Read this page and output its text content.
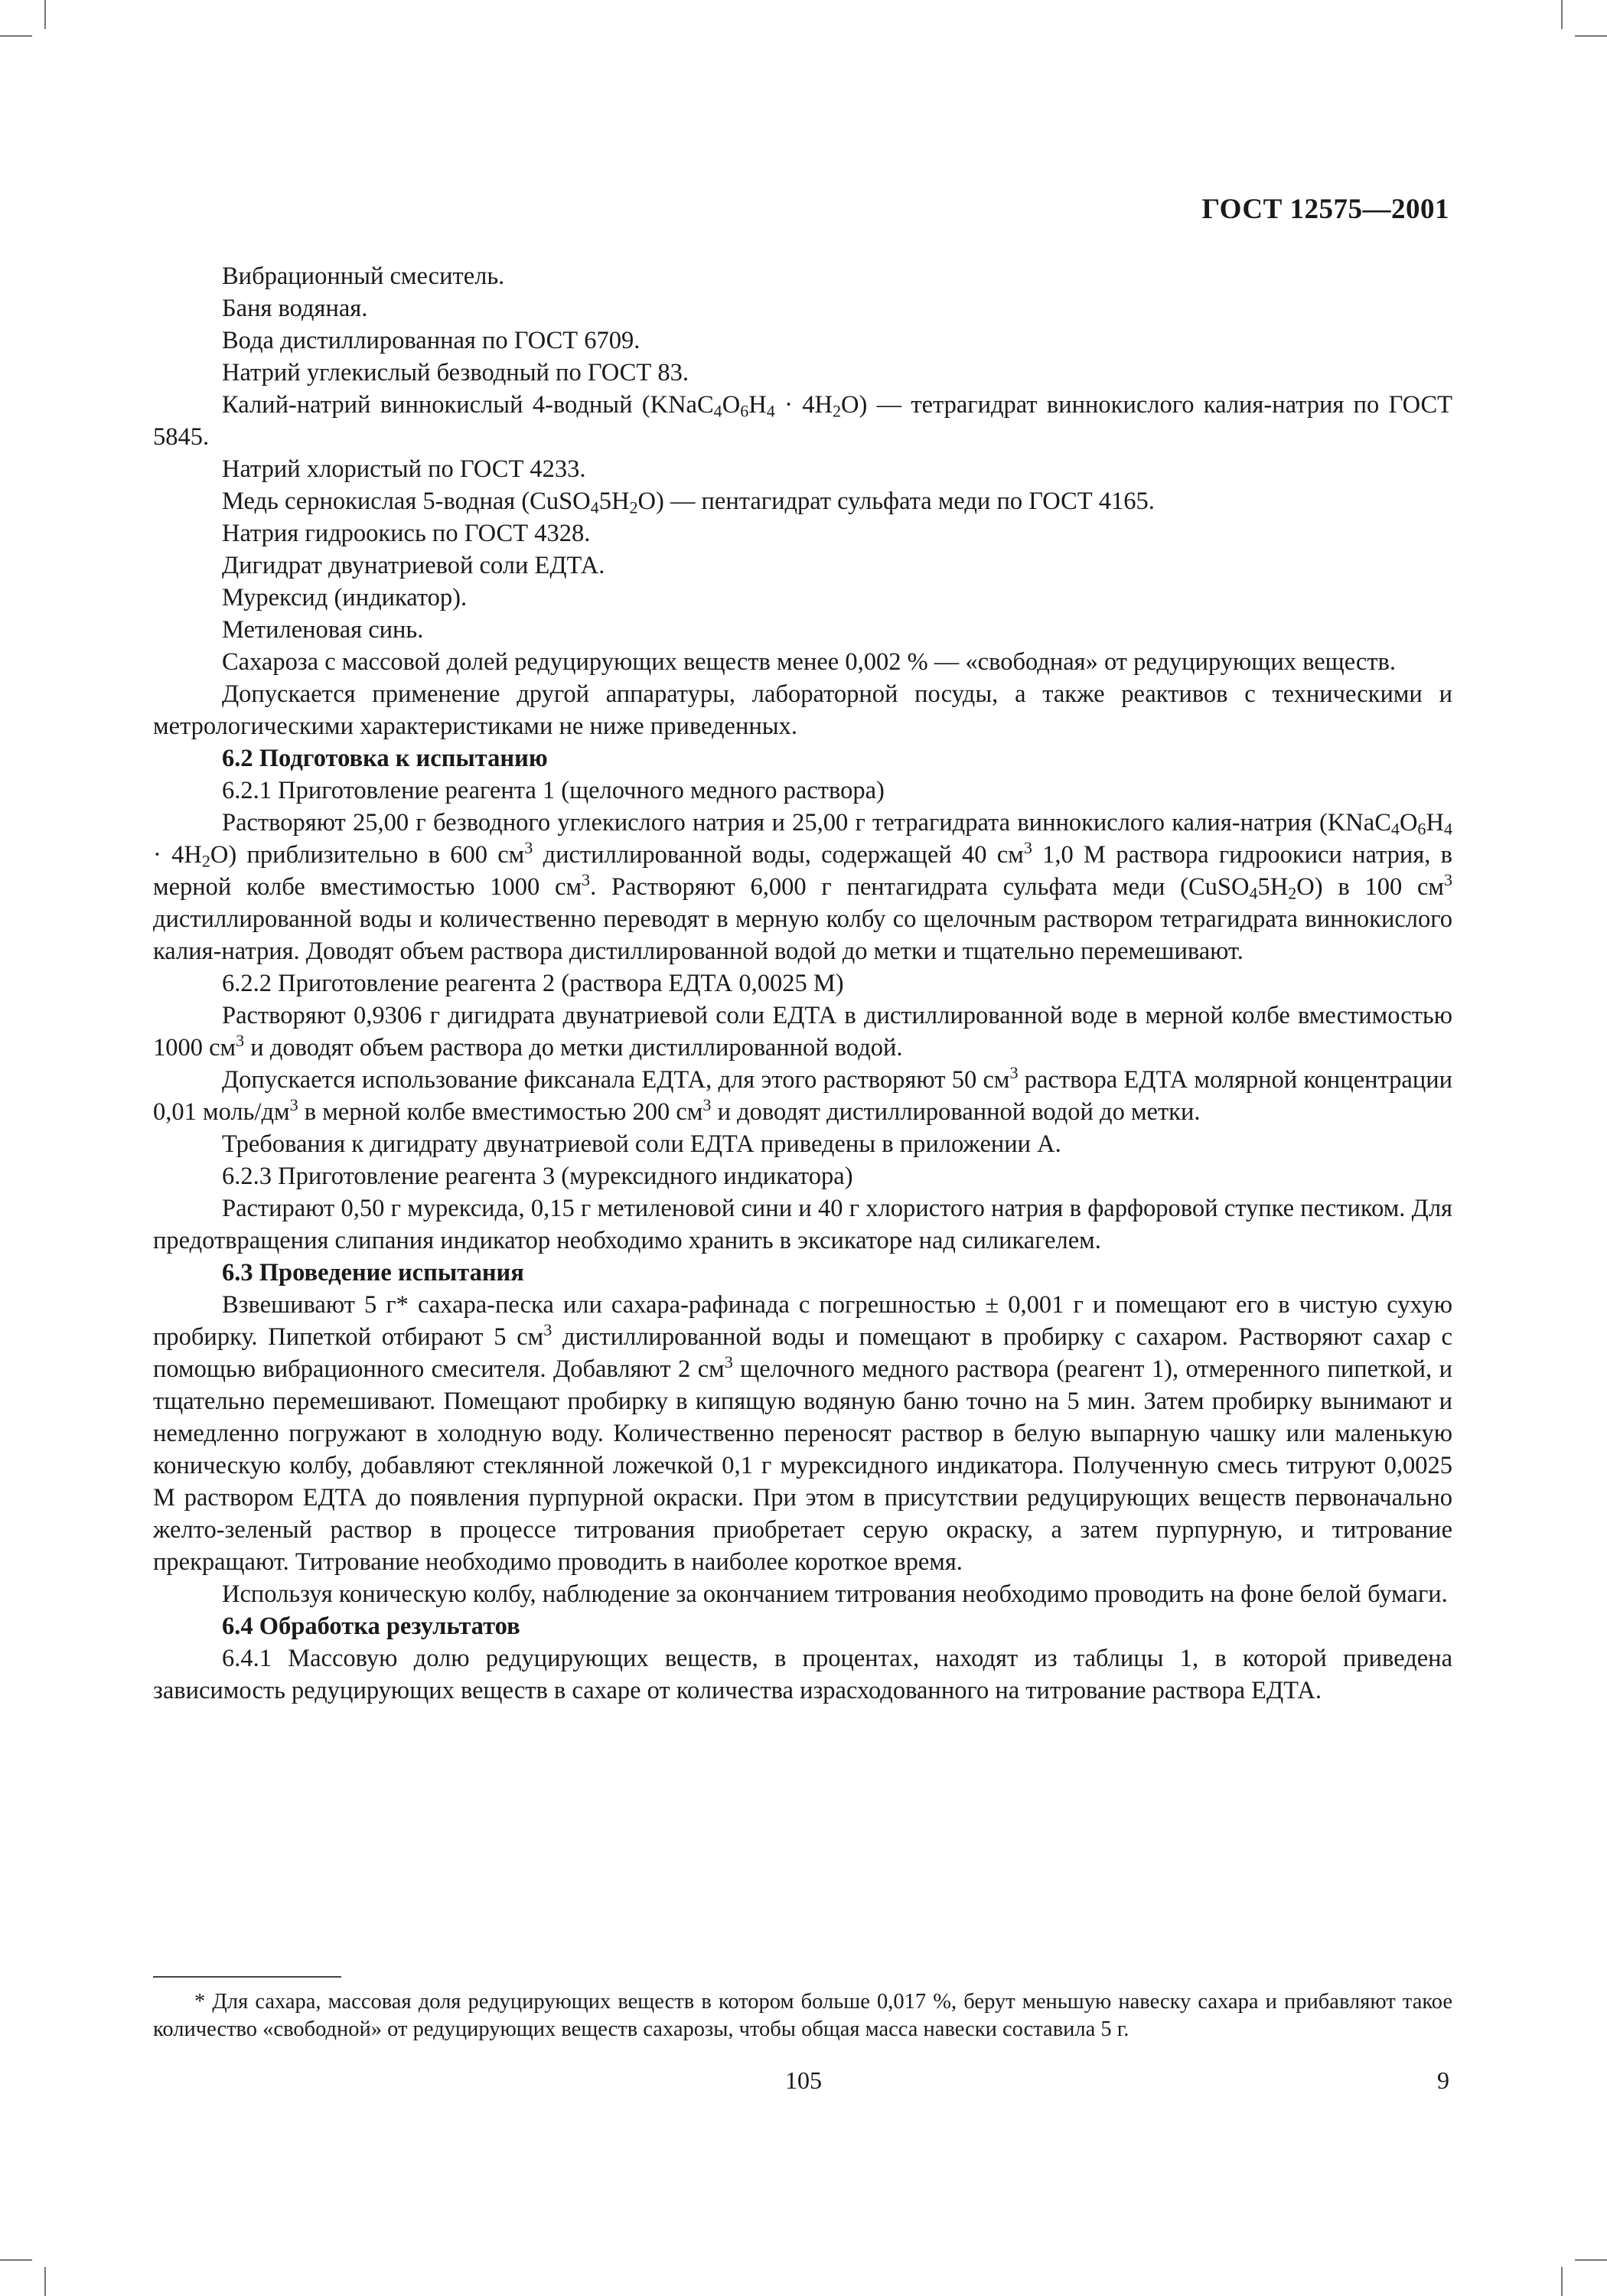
ГОСТ 12575—2001

Вибрационный смеситель.

Баня водяная.

Вода дистиллированная по ГОСТ 6709.

Натрий углекислый безводный по ГОСТ 83.

Калий-натрий виннокислый 4-водный $(KNaC_4O_6H_4 \cdot 4H_2O)$ — тетрагидрат виннокислого калия-натрия по ГОСТ 5845.

Натрий хлористый по ГОСТ 4233.

Медь сернокислая 5-водная $(CuSO_45H_2O)$ — пентагидрат сульфата меди по ГОСТ 4165.

Натрия гидроокись по ГОСТ 4328.

Дигидрат двунатриевой соли ЕДТА.

Мурексид (индикатор).

Метиленовая синь.

Сахароза с массовой долей редуцирующих веществ менее 0,002 % — «свободная» от редуцирующих веществ.

Допускается применение другой аппаратуры, лабораторной посуды, а также реактивов с техническими и метрологическими характеристиками не ниже приведенных.

6.2 Подготовка к испытанию

6.2.1 Приготовление реагента 1 (щелочного медного раствора)

Растворяют 25,00 г безводного углекислого натрия и 25,00 г тетрагидрата виннокислого калия-натрия $(KNaC_4O_6H_4 \cdot 4H_2O)$ приблизительно в 600 $см^3$ дистиллированной воды, содержащей 40 $см^3$ 1,0 М раствора гидроокиси натрия, в мерной колбе вместимостью 1000 $см^3$. Растворяют 6,000 г пентагидрата сульфата меди $(CuSO_45H_2O)$ в 100 $см^3$ дистиллированной воды и количественно переводят в мерную колбу со щелочным раствором тетрагидрата виннокислого калия-натрия. Доводят объем раствора дистиллированной водой до метки и тщательно перемешивают.

6.2.2 Приготовление реагента 2 (раствора ЕДТА 0,0025 М)

Растворяют 0,9306 г дигидрата двунатриевой соли ЕДТА в дистиллированной воде в мерной колбе вместимостью 1000 $см^3$ и доводят объем раствора до метки дистиллированной водой.

Допускается использование фиксанала ЕДТА, для этого растворяют 50 $см^3$ раствора ЕДТА молярной концентрации 0,01 моль/$дм^3$ в мерной колбе вместимостью 200 $см^3$ и доводят дистиллированной водой до метки.

Требования к дигидрату двунатриевой соли ЕДТА приведены в приложении А.

6.2.3 Приготовление реагента 3 (мурексидного индикатора)

Растирают 0,50 г мурексида, 0,15 г метиленовой сини и 40 г хлористого натрия в фарфоровой ступке пестиком. Для предотвращения слипания индикатор необходимо хранить в эксикаторе над силикагелем.

6.3 Проведение испытания

Взвешивают 5 г* сахара-песка или сахара-рафинада с погрешностью ± 0,001 г и помещают его в чистую сухую пробирку. Пипеткой отбирают 5 $см^3$ дистиллированной воды и помещают в пробирку с сахаром. Растворяют сахар с помощью вибрационного смесителя. Добавляют 2 $см^3$ щелочного медного раствора (реагент 1), отмеренного пипеткой, и тщательно перемешивают. Помещают пробирку в кипящую водяную баню точно на 5 мин. Затем пробирку вынимают и немедленно погружают в холодную воду. Количественно переносят раствор в белую выпарную чашку или маленькую коническую колбу, добавляют стеклянной ложечкой 0,1 г мурексидного индикатора. Полученную смесь титруют 0,0025 М раствором ЕДТА до появления пурпурной окраски. При этом в присутствии редуцирующих веществ первоначально желто-зеленый раствор в процессе титрования приобретает серую окраску, а затем пурпурную, и титрование прекращают. Титрование необходимо проводить в наиболее короткое время.

Используя коническую колбу, наблюдение за окончанием титрования необходимо проводить на фоне белой бумаги.

6.4 Обработка результатов

6.4.1 Массовую долю редуцирующих веществ, в процентах, находят из таблицы 1, в которой приведена зависимость редуцирующих веществ в сахаре от количества израсходованного на титрование раствора ЕДТА.

* Для сахара, массовая доля редуцирующих веществ в котором больше 0,017 %, берут меньшую навеску сахара и прибавляют такое количество «свободной» от редуцирующих веществ сахарозы, чтобы общая масса навески составила 5 г.

105	9
